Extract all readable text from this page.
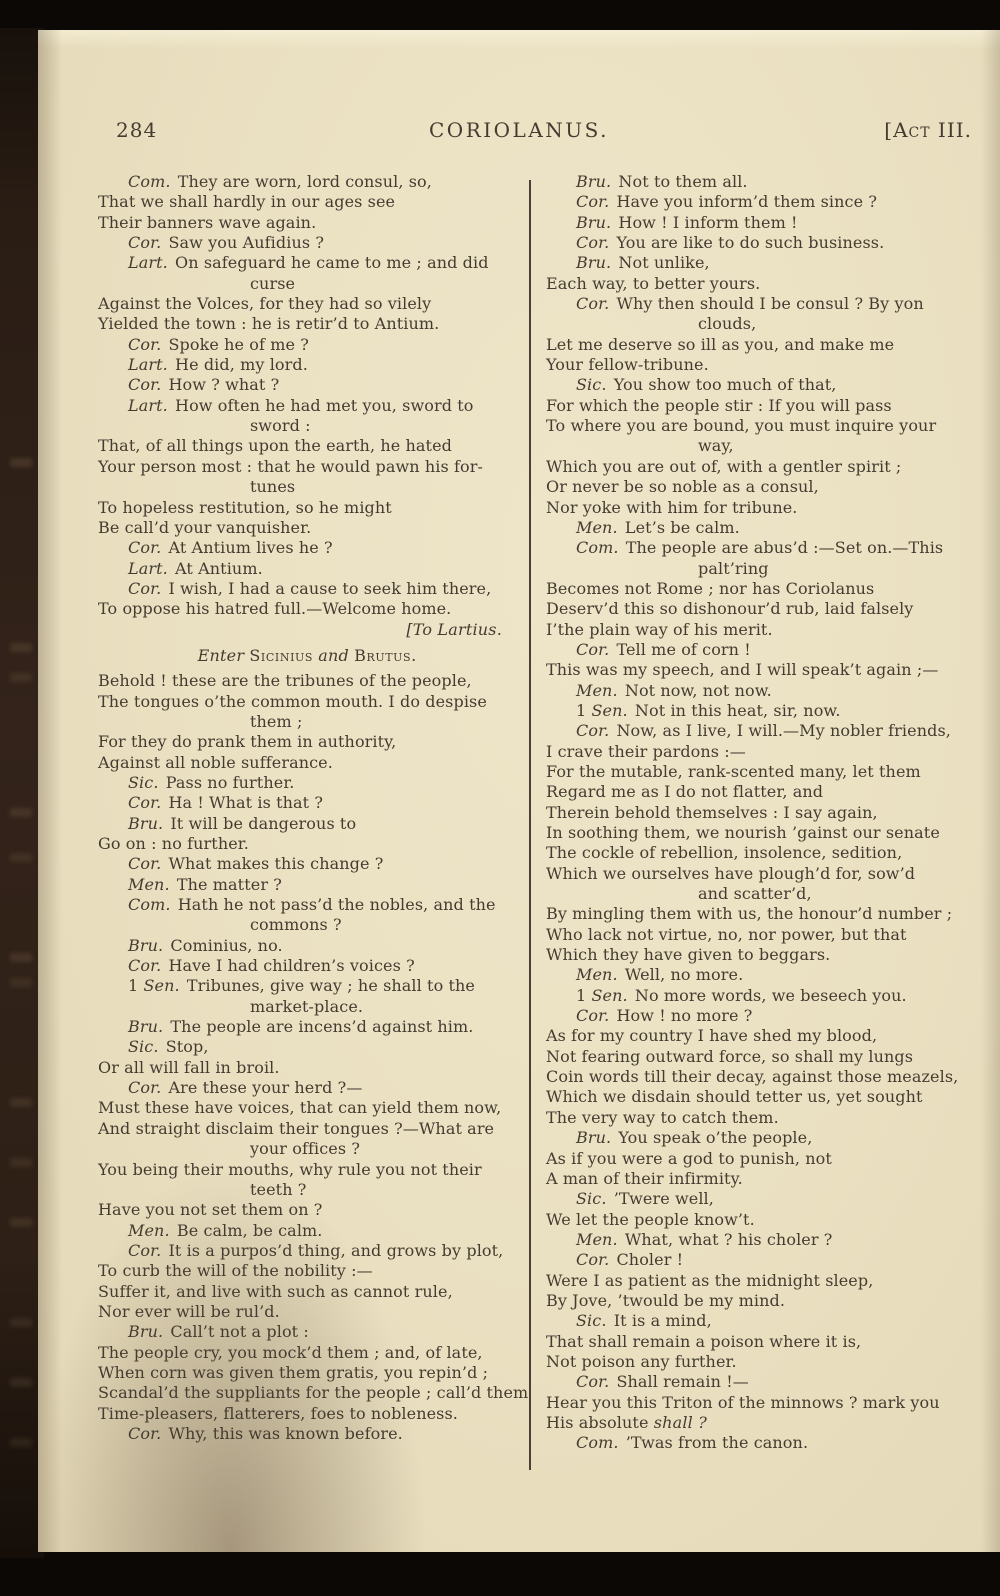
284	CORIOLANUS.	[Act III.
Com. They are worn, lord consul, so,
That we shall hardly in our ages see
Their banners wave again.
Cor. Saw you Aufidius ?
Lart. On safeguard he came to me ; and did
curse
Against the Volces, for they had so vilely
Yielded the town : he is retir’d to Antium.
Cor. Spoke he of me ?
Lart. He did, my lord.
Cor. How ? what ?
Lart. How often he had met you, sword to
sword :
That, of all things upon the earth, he hated
Your person most : that he would pawn his for-
tunes
To hopeless restitution, so he might
Be call’d your vanquisher.
Cor. At Antium lives he ?
Lart. At Antium.
Cor. I wish, I had a cause to seek him there,
To oppose his hatred full.—Welcome home.
[To Lartius.
Enter Sicinius and Brutus.
Behold ! these are the tribunes of the people,
The tongues o’the common mouth. I do despise
them ;
For they do prank them in authority,
Against all noble sufferance.
Sic. Pass no further.
Cor. Ha ! What is that ?
Bru. It will be dangerous to
Go on : no further.
Cor. What makes this change ?
Men. The matter ?
Com. Hath he not pass’d the nobles, and the
commons ?
Bru. Cominius, no.
Cor. Have I had children’s voices ?
1 Sen. Tribunes, give way ; he shall to the
market-place.
Bru. The people are incens’d against him.
Sic. Stop,
Or all will fall in broil.
Cor. Are these your herd ?—
Must these have voices, that can yield them now,
And straight disclaim their tongues ?—What are
your offices ?
You being their mouths, why rule you not their
teeth ?
Have you not set them on ?
Men. Be calm, be calm.
Cor. It is a purpos’d thing, and grows by plot,
To curb the will of the nobility :—
Suffer it, and live with such as cannot rule,
Nor ever will be rul’d.
Bru. Call’t not a plot :
The people cry, you mock’d them ; and, of late,
When corn was given them gratis, you repin’d ;
Scandal’d the suppliants for the people ; call’d them
Time-pleasers, flatterers, foes to nobleness.
Cor. Why, this was known before.
Bru. Not to them all.
Cor. Have you inform’d them since ?
Bru. How ! I inform them !
Cor. You are like to do such business.
Bru. Not unlike,
Each way, to better yours.
Cor. Why then should I be consul ? By yon
clouds,
Let me deserve so ill as you, and make me
Your fellow-tribune.
Sic. You show too much of that,
For which the people stir : If you will pass
To where you are bound, you must inquire your
way,
Which you are out of, with a gentler spirit ;
Or never be so noble as a consul,
Nor yoke with him for tribune.
Men. Let’s be calm.
Com. The people are abus’d :—Set on.—This
palt’ring
Becomes not Rome ; nor has Coriolanus
Deserv’d this so dishonour’d rub, laid falsely
I’the plain way of his merit.
Cor. Tell me of corn !
This was my speech, and I will speak’t again ;—
Men. Not now, not now.
1 Sen. Not in this heat, sir, now.
Cor. Now, as I live, I will.—My nobler friends,
I crave their pardons :—
For the mutable, rank-scented many, let them
Regard me as I do not flatter, and
Therein behold themselves : I say again,
In soothing them, we nourish ’gainst our senate
The cockle of rebellion, insolence, sedition,
Which we ourselves have plough’d for, sow’d
and scatter’d,
By mingling them with us, the honour’d number ;
Who lack not virtue, no, nor power, but that
Which they have given to beggars.
Men. Well, no more.
1 Sen. No more words, we beseech you.
Cor. How ! no more ?
As for my country I have shed my blood,
Not fearing outward force, so shall my lungs
Coin words till their decay, against those meazels,
Which we disdain should tetter us, yet sought
The very way to catch them.
Bru. You speak o’the people,
As if you were a god to punish, not
A man of their infirmity.
Sic. ’Twere well,
We let the people know’t.
Men. What, what ? his choler ?
Cor. Choler !
Were I as patient as the midnight sleep,
By Jove, ’twould be my mind.
Sic. It is a mind,
That shall remain a poison where it is,
Not poison any further.
Cor. Shall remain !—
Hear you this Triton of the minnows ? mark you
His absolute shall ?
Com. ’Twas from the canon.
